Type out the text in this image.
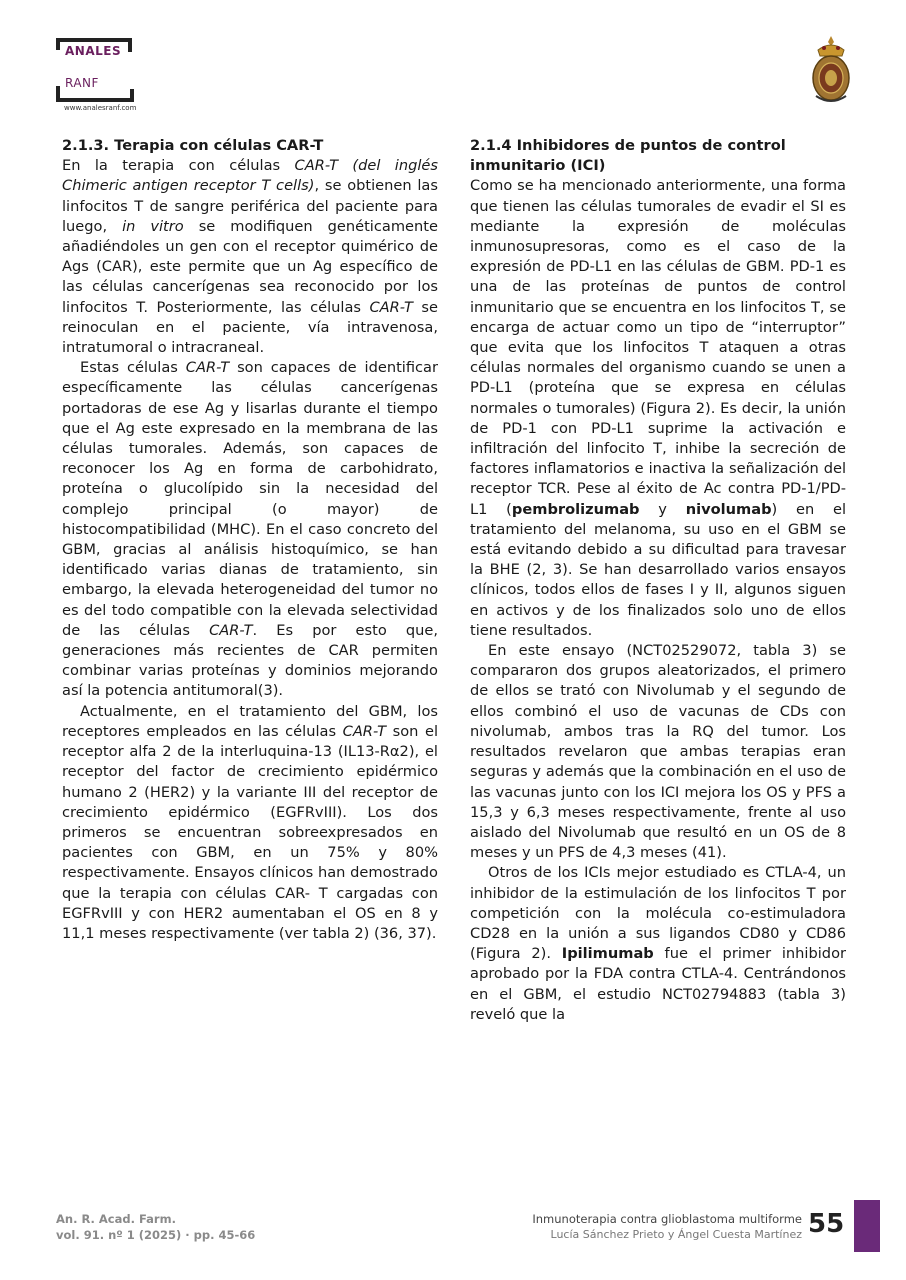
ANALES
RANF
www.analesranf.com
2.1.3. Terapia con células CAR-T

En la terapia con células CAR-T (del inglés Chimeric antigen receptor T cells), se obtienen las linfocitos T de sangre periférica del paciente para luego, in vitro se modifiquen genéticamente añadiéndoles un gen con el receptor quimérico de Ags (CAR), este permite que un Ag específico de las células cancerígenas sea reconocido por los linfocitos T. Posteriormente, las células CAR-T se reinoculan en el paciente, vía intravenosa, intratumoral o intracraneal.

Estas células CAR-T son capaces de identificar específicamente las células cancerígenas portadoras de ese Ag y lisarlas durante el tiempo que el Ag este expresado en la membrana de las células tumorales. Además, son capaces de reconocer los Ag en forma de carbohidrato, proteína o glucolípido sin la necesidad del complejo principal (o mayor) de histocompatibilidad (MHC). En el caso concreto del GBM, gracias al análisis histoquímico, se han identificado varias dianas de tratamiento, sin embargo, la elevada heterogeneidad del tumor no es del todo compatible con la elevada selectividad de las células CAR-T. Es por esto que, generaciones más recientes de CAR permiten combinar varias proteínas y dominios mejorando así la potencia antitumoral(3).

Actualmente, en el tratamiento del GBM, los receptores empleados en las células CAR-T son el receptor alfa 2 de la interluquina-13 (IL13-Rα2), el receptor del factor de crecimiento epidérmico humano 2 (HER2) y la variante III del receptor de crecimiento epidérmico (EGFRvIII). Los dos primeros se encuentran sobreexpresados en pacientes con GBM, en un 75% y 80% respectivamente. Ensayos clínicos han demostrado que la terapia con células CAR- T cargadas con EGFRvIII y con HER2 aumentaban el OS en 8 y 11,1 meses respectivamente (ver tabla 2) (36, 37).

2.1.4 Inhibidores de puntos de control inmunitario (ICI)

Como se ha mencionado anteriormente, una forma que tienen las células tumorales de evadir el SI es mediante la expresión de moléculas inmunosupresoras, como es el caso de la expresión de PD-L1 en las células de GBM. PD-1 es una de las proteínas de puntos de control inmunitario que se encuentra en los linfocitos T, se encarga de actuar como un tipo de “interruptor” que evita que los linfocitos T ataquen a otras células normales del organismo cuando se unen a PD-L1 (proteína que se expresa en células normales o tumorales) (Figura 2). Es decir, la unión de PD-1 con PD-L1 suprime la activación e infiltración del linfocito T, inhibe la secreción de factores inflamatorios e inactiva la señalización del receptor TCR. Pese al éxito de Ac contra PD-1/PD-L1 (pembrolizumab y nivolumab) en el tratamiento del melanoma, su uso en el GBM se está evitando debido a su dificultad para travesar la BHE (2, 3). Se han desarrollado varios ensayos clínicos, todos ellos de fases I y II, algunos siguen en activos y de los finalizados solo uno de ellos tiene resultados.

En este ensayo (NCT02529072, tabla 3) se compararon dos grupos aleatorizados, el primero de ellos se trató con Nivolumab y el segundo de ellos combinó el uso de vacunas de CDs con nivolumab, ambos tras la RQ del tumor. Los resultados revelaron que ambas terapias eran seguras y además que la combinación en el uso de las vacunas junto con los ICI mejora los OS y PFS a 15,3 y 6,3 meses respectivamente, frente al uso aislado del Nivolumab que resultó en un OS de 8 meses y un PFS de 4,3 meses (41).

Otros de los ICIs mejor estudiado es CTLA-4, un inhibidor de la estimulación de los linfocitos T por competición con la molécula co-estimuladora CD28 en la unión a sus ligandos CD80 y CD86 (Figura 2). Ipilimumab fue el primer inhibidor aprobado por la FDA contra CTLA-4. Centrándonos en el GBM, el estudio NCT02794883 (tabla 3) reveló que la

An. R. Acad. Farm.
vol. 91. nº 1 (2025) · pp. 45-66
Inmunoterapia contra glioblastoma multiforme
Lucía Sánchez Prieto y Ángel Cuesta Martínez 55
